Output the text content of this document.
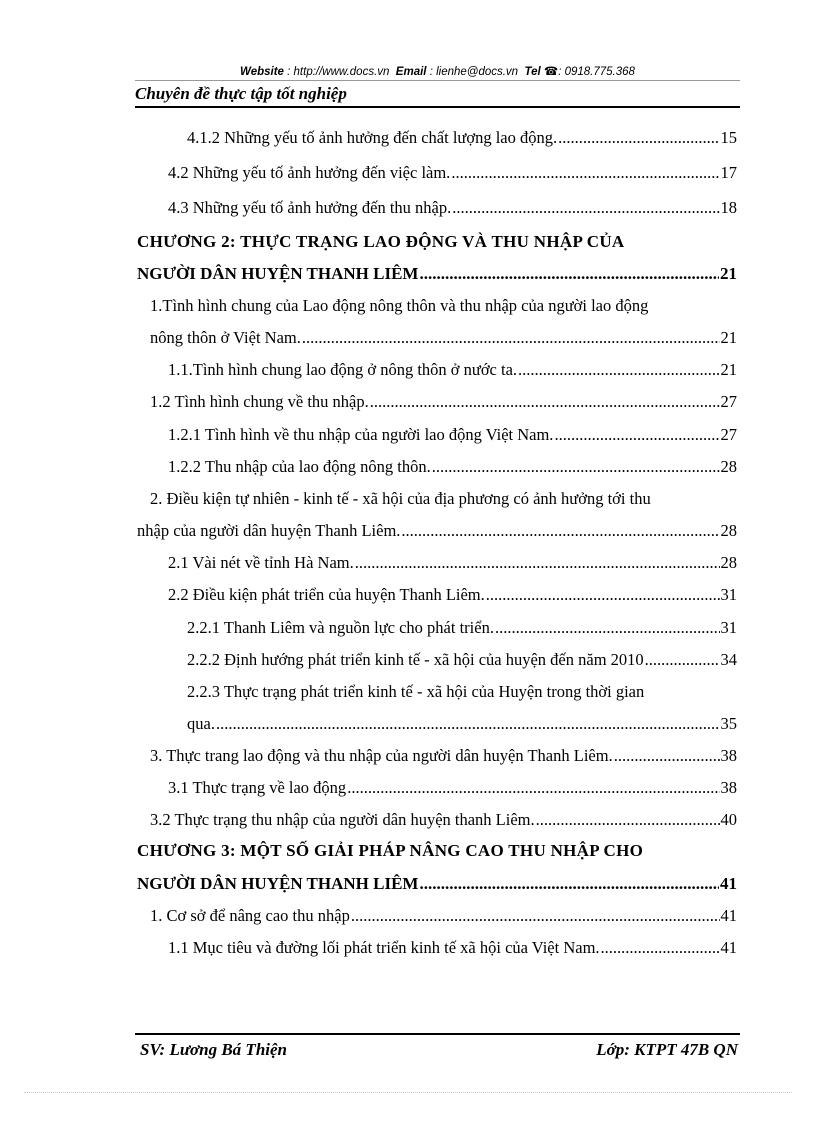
Website : http://www.docs.vn Email : lienhe@docs.vn Tel ☎: 0918.775.368
Chuyên đề thực tập tốt nghiệp
4.1.2 Những yếu tố ảnh hưởng đến chất lượng lao động. .....	15
4.2 Những yếu tố ảnh hưởng đến việc làm. .....	17
4.3 Những yếu tố ảnh hưởng đến thu nhập. .....	18
CHƯƠNG 2: THỰC TRẠNG LAO ĐỘNG VÀ THU NHẬP CỦA
NGƯỜI DÂN HUYỆN THANH LIÊM .....	21
1.Tình hình chung của Lao động nông thôn và thu nhập của người lao động
nông thôn ở Việt Nam. .....	21
1.1.Tình hình chung lao động ở nông thôn ở nước ta. .....	21
1.2 Tình hình chung về thu nhập. .....	27
1.2.1 Tình hình về thu nhập của người lao động Việt Nam. .....	27
1.2.2 Thu nhập của lao động nông thôn. .....	28
2. Điều kiện tự nhiên - kinh tế - xã hội của địa phương có ảnh hưởng tới thu
nhập của người dân huyện Thanh Liêm. .....	28
2.1 Vài nét về tỉnh Hà Nam. .....	28
2.2 Điều kiện phát triển của huyện Thanh Liêm. .....	31
2.2.1 Thanh Liêm và nguồn lực cho phát triển. .....	31
2.2.2 Định hướng phát triển kinh tế - xã hội của huyện đến năm 2010 .....	34
2.2.3 Thực trạng phát triển kinh tế - xã hội của Huyện trong thời gian
qua. .....	35
3. Thực trang lao động và thu nhập của người dân huyện Thanh Liêm. .....	38
3.1 Thực trạng về lao động .....	38
3.2 Thực trạng thu nhập của người dân huyện thanh Liêm. .....	40
CHƯƠNG 3: MỘT SỐ GIẢI PHÁP NÂNG CAO THU NHẬP CHO
NGƯỜI DÂN HUYỆN THANH LIÊM .....	41
1. Cơ sở để nâng cao thu nhập .....	41
1.1 Mục tiêu và đường lối phát triển kinh tế xã hội của Việt Nam. .....	41
SV: Lương Bá Thiện	Lớp: KTPT 47B QN
